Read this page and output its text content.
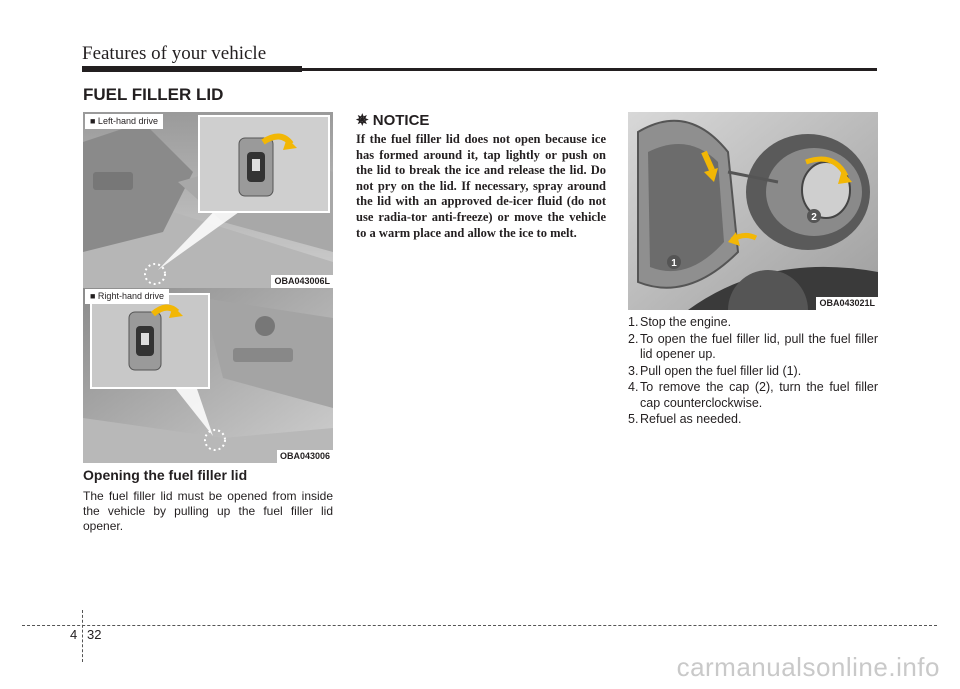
Features of your vehicle
FUEL FILLER LID
■ Left-hand drive
OBA043006L
■ Right-hand drive
OBA043006
Opening the fuel filler lid
The fuel filler lid must be opened from inside the vehicle by pulling up the fuel filler lid opener.
✵ NOTICE
If the fuel filler lid does not open because ice has formed around it, tap lightly or push on the lid to break the ice and release the lid. Do not pry on the lid. If necessary, spray around the lid with an approved de-icer fluid (do not use radia-tor anti-freeze) or move the vehicle to a warm place and allow the ice to melt.
1
2
OBA043021L
1. Stop the engine.
2. To open the fuel filler lid, pull the fuel filler lid opener up.
3. Pull open the fuel filler lid (1).
4. To remove the cap (2), turn the fuel filler cap counterclockwise.
5. Refuel as needed.
4 32
carmanualsonline.info
